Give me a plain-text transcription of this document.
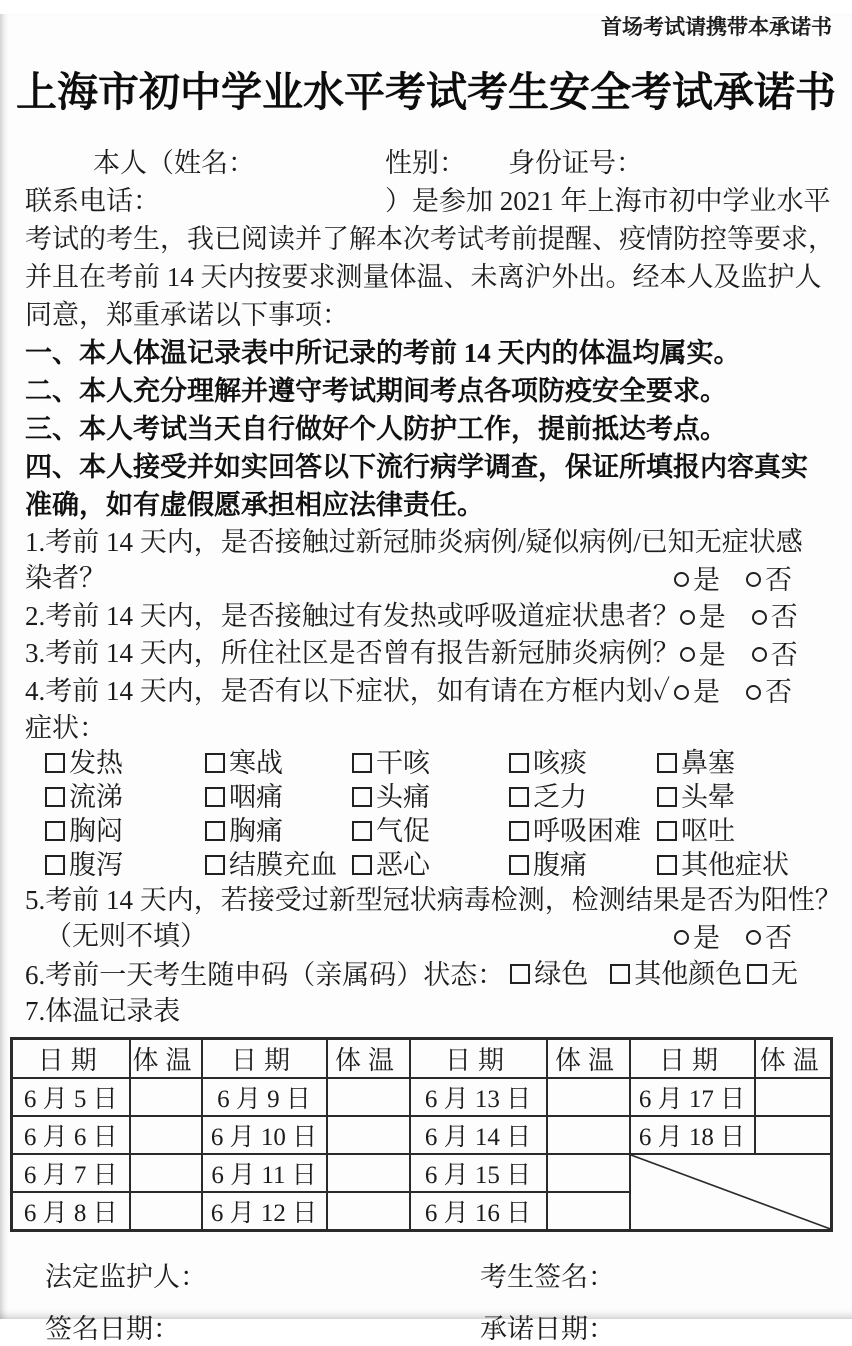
首场考试请携带本承诺书
上海市初中学业水平考试考生安全考试承诺书
本人（姓名：	性别： 身份证号：
联系电话：	）是参加 2021 年上海市初中学业水平
考试的考生，我已阅读并了解本次考试考前提醒、疫情防控等要求，
并且在考前 14 天内按要求测量体温、未离沪外出。经本人及监护人
同意，郑重承诺以下事项：
一、本人体温记录表中所记录的考前 14 天内的体温均属实。
二、本人充分理解并遵守考试期间考点各项防疫安全要求。
三、本人考试当天自行做好个人防护工作，提前抵达考点。
四、本人接受并如实回答以下流行病学调查，保证所填报内容真实准确，如有虚假愿承担相应法律责任。
1.考前 14 天内，是否接触过新冠肺炎病例/疑似病例/已知无症状感
染者？	是 否
2.考前 14 天内，是否接触过有发热或呼吸道症状患者？ 是 否
3.考前 14 天内，所住社区是否曾有报告新冠肺炎病例？ 是 否
4.考前 14 天内，是否有以下症状，如有请在方框内划✓ 是 否
症状：
发热	寒战	干咳	咳痰	鼻塞
流涕	咽痛	头痛	乏力	头晕
胸闷	胸痛	气促	呼吸困难 呕吐
腹泻	结膜充血 恶心	腹痛	其他症状
5.考前 14 天内，若接受过新型冠状病毒检测，检测结果是否为阳性？
（无则不填）	是 否
6.考前一天考生随申码（亲属码）状态： 绿色 其他颜色 无
7.体温记录表
日期	体温	日期	体温	日期	体温	日期	体温
6 月 5 日		6 月 9 日		6 月 13 日		6 月 17 日	
6 月 6 日		6 月 10 日		6 月 14 日		6 月 18 日	
6 月 7 日		6 月 11 日		6 月 15 日		

6 月 8 日		6 月 12 日		6 月 16 日			
法定监护人：	考生签名：
签名日期：	承诺日期：
